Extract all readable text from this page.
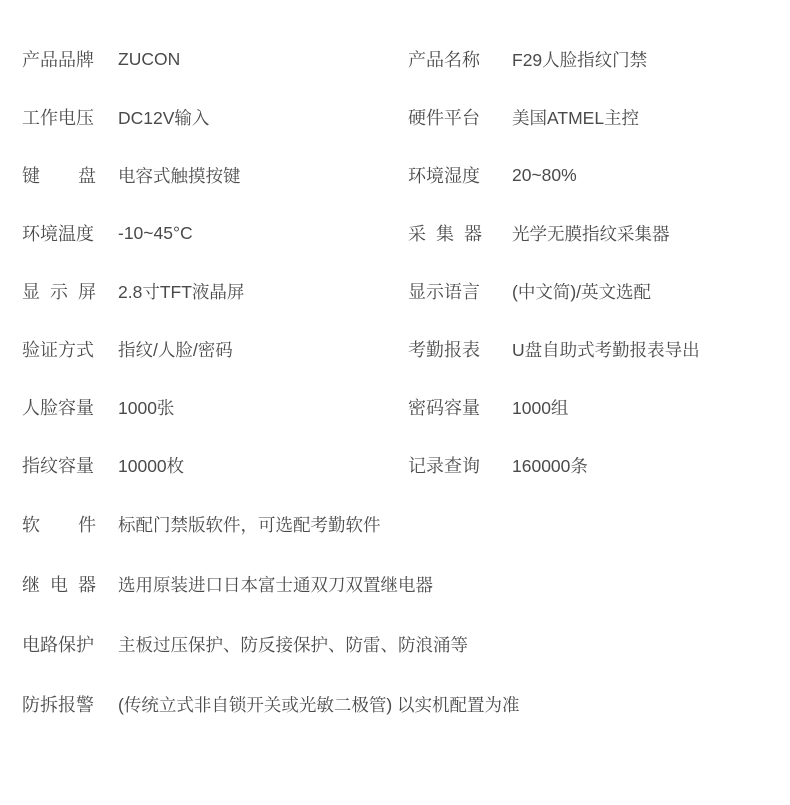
产品品牌	ZUCON	产品名称	F29人脸指纹门禁
工作电压	DC12V输入	硬件平台	美国ATMEL主控
键盘	电容式触摸按键	环境湿度	20~80%
环境温度	-10~45°C	采集器	光学无膜指纹采集器
显示屏	2.8寸TFT液晶屏	显示语言	(中文简)/英文选配
验证方式	指纹/人脸/密码	考勤报表	U盘自助式考勤报表导出
人脸容量	1000张	密码容量	1000组
指纹容量	10000枚	记录查询	160000条
软件	标配门禁版软件，可选配考勤软件		
继电器	选用原装进口日本富士通双刀双置继电器		
电路保护	主板过压保护、防反接保护、防雷、防浪涌等		
防拆报警	(传统立式非自锁开关或光敏二极管) 以实机配置为准		
